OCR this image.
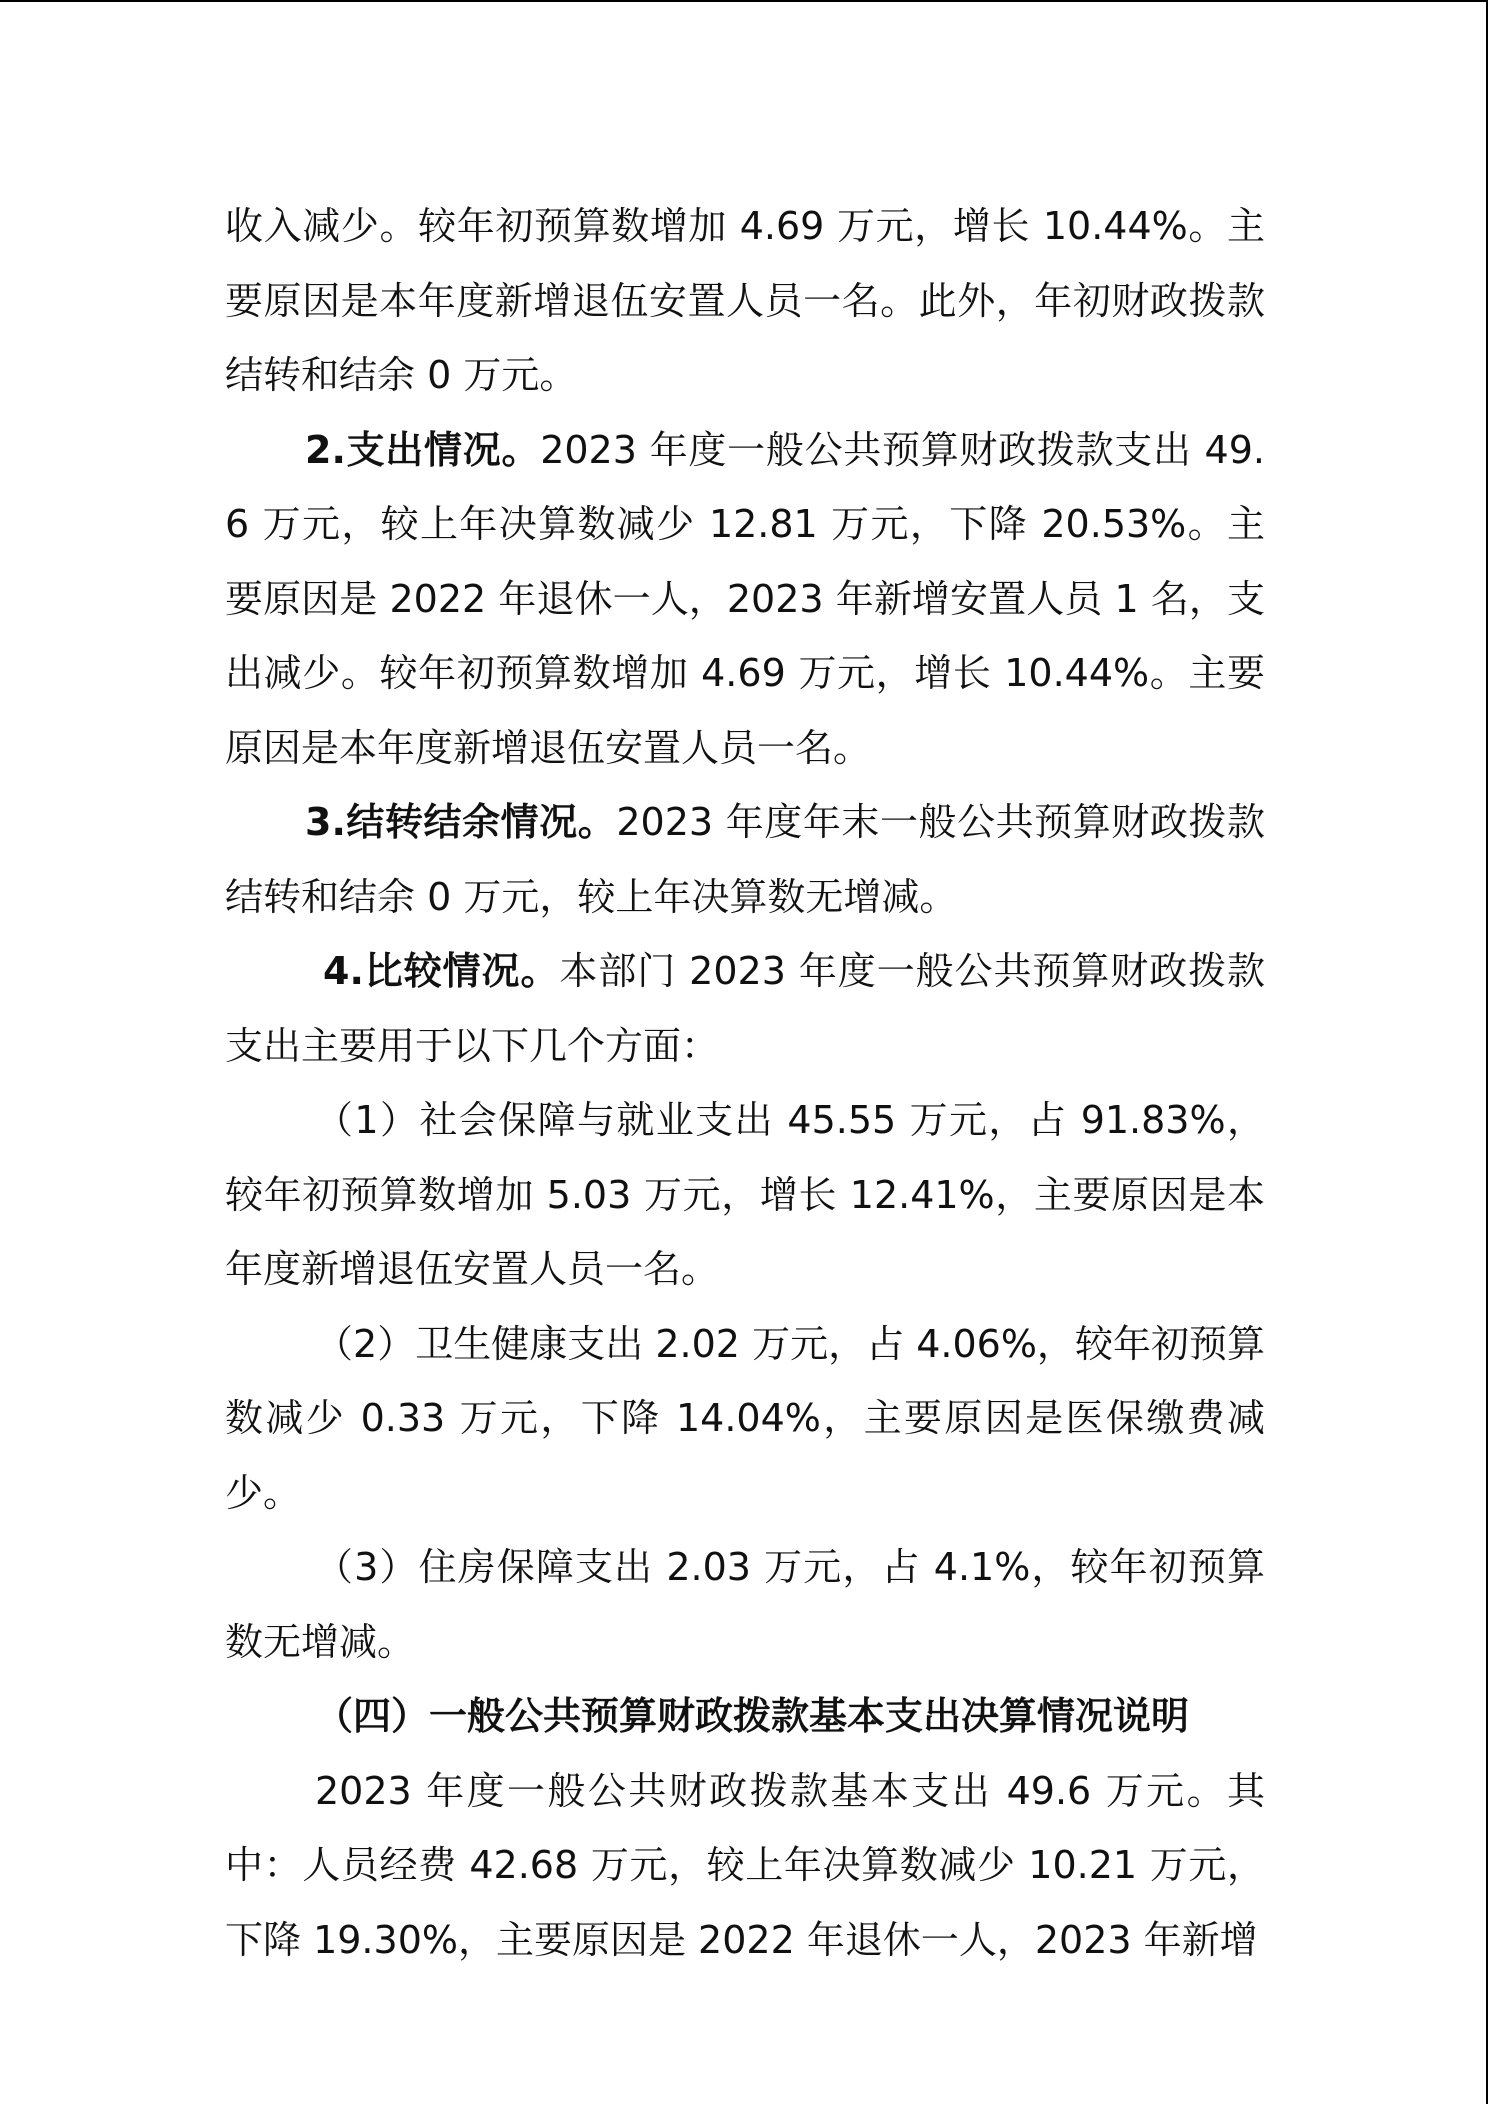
收入减少。较年初预算数增加 4.69 万元，增长 10.44%。主要原因是本年度新增退伍安置人员一名。此外，年初财政拨款结转和结余 0 万元。

2.支出情况。2023 年度一般公共预算财政拨款支出 49.6 万元，较上年决算数减少 12.81 万元，下降 20.53%。主要原因是 2022 年退休一人，2023 年新增安置人员 1 名，支出减少。较年初预算数增加 4.69 万元，增长 10.44%。主要原因是本年度新增退伍安置人员一名。

3.结转结余情况。2023 年度年末一般公共预算财政拨款结转和结余 0 万元，较上年决算数无增减。

4.比较情况。本部门 2023 年度一般公共预算财政拨款支出主要用于以下几个方面：

（1）社会保障与就业支出 45.55 万元，占 91.83%，较年初预算数增加 5.03 万元，增长 12.41%，主要原因是本年度新增退伍安置人员一名。

（2）卫生健康支出 2.02 万元，占 4.06%，较年初预算数减少 0.33 万元，下降 14.04%，主要原因是医保缴费减少。

（3）住房保障支出 2.03 万元，占 4.1%，较年初预算数无增减。

（四）一般公共预算财政拨款基本支出决算情况说明

2023 年度一般公共财政拨款基本支出 49.6 万元。其中：人员经费 42.68 万元，较上年决算数减少 10.21 万元，下降 19.30%，主要原因是 2022 年退休一人，2023 年新增
